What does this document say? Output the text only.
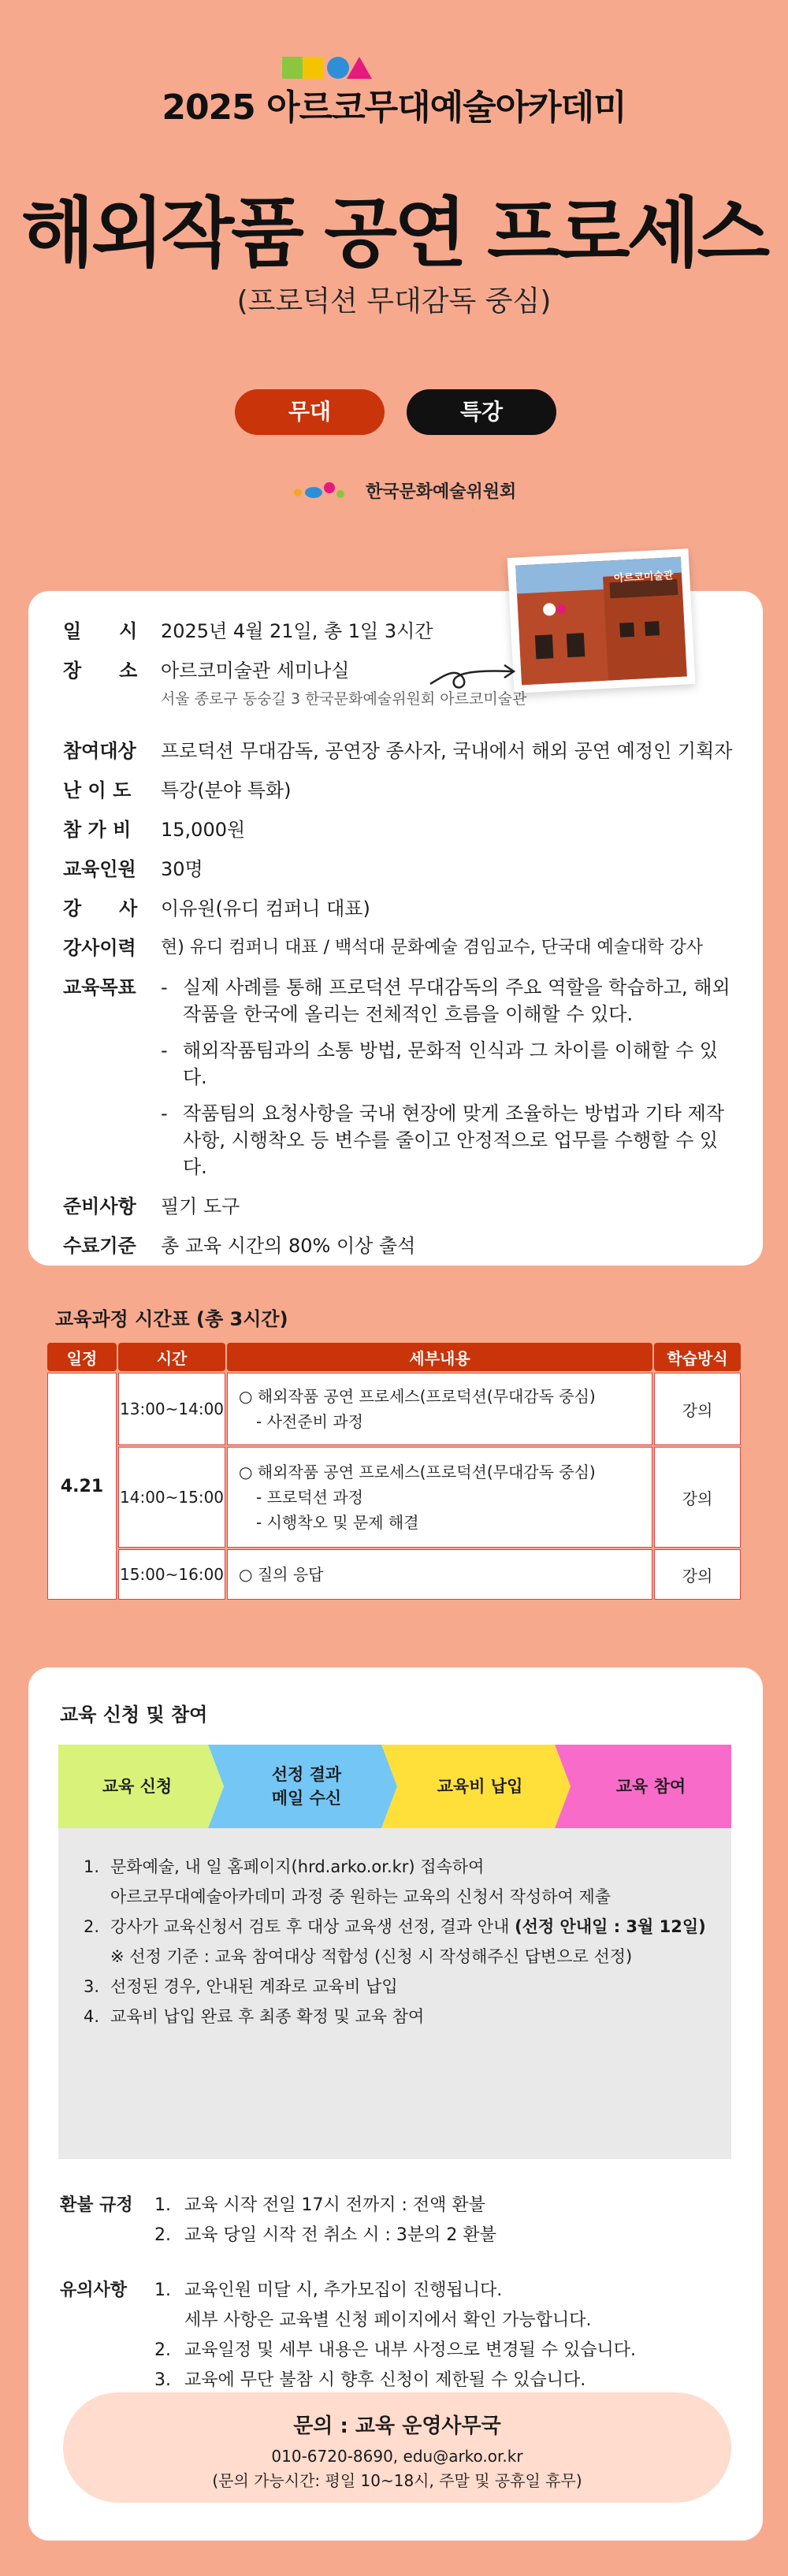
2025 아르코무대예술아카데미
해외작품 공연 프로세스
(프로덕션 무대감독 중심)
무대	특강
한국문화예술위원회
아르코미술관
일　　시	2025년 4월 21일, 총 1일 3시간
장　　소	아르코미술관 세미나실
서울 종로구 동숭길 3 한국문화예술위원회 아르코미술관
참여대상	프로덕션 무대감독, 공연장 종사자, 국내에서 해외 공연 예정인 기획자
난 이 도	특강(분야 특화)
참 가 비	15,000원
교육인원	30명
강　　사	이유원(유디 컴퍼니 대표)
강사이력	현) 유디 컴퍼니 대표 / 백석대 문화예술 겸임교수, 단국대 예술대학 강사
교육목표	- 실제 사례를 통해 프로덕션 무대감독의 주요 역할을 학습하고, 해외작품을 한국에 올리는 전체적인 흐름을 이해할 수 있다.
- 해외작품팀과의 소통 방법, 문화적 인식과 그 차이를 이해할 수 있다.
- 작품팀의 요청사항을 국내 현장에 맞게 조율하는 방법과 기타 제작사항, 시행착오 등 변수를 줄이고 안정적으로 업무를 수행할 수 있다.
준비사항	필기 도구
수료기준	총 교육 시간의 80% 이상 출석
교육과정 시간표 (총 3시간)
일정	시간	세부내용	학습방식
4.21	13:00~14:00	○ 해외작품 공연 프로세스(프로덕션(무대감독 중심)
- 사전준비 과정	강의
	14:00~15:00	○ 해외작품 공연 프로세스(프로덕션(무대감독 중심)
- 프로덕션 과정
- 시행착오 및 문제 해결	강의
	15:00~16:00	○ 질의 응답	강의
교육 신청 및 참여
교육 신청
선정 결과
메일 수신
교육비 납입	교육 참여
1. 문화예술, 내 일 홈페이지(hrd.arko.or.kr) 접속하여
아르코무대예술아카데미 과정 중 원하는 교육의 신청서 작성하여 제출
2. 강사가 교육신청서 검토 후 대상 교육생 선정, 결과 안내 (선정 안내일 : 3월 12일)
※ 선정 기준 : 교육 참여대상 적합성 (신청 시 작성해주신 답변으로 선정)
3. 선정된 경우, 안내된 계좌로 교육비 납입
4. 교육비 납입 완료 후 최종 확정 및 교육 참여
환불 규정	1. 교육 시작 전일 17시 전까지 : 전액 환불
2. 교육 당일 시작 전 취소 시 : 3분의 2 환불
유의사항	1. 교육인원 미달 시, 추가모집이 진행됩니다.
세부 사항은 교육별 신청 페이지에서 확인 가능합니다.
2. 교육일정 및 세부 내용은 내부 사정으로 변경될 수 있습니다.
3. 교육에 무단 불참 시 향후 신청이 제한될 수 있습니다.
문의 : 교육 운영사무국
010-6720-8690, edu@arko.or.kr
(문의 가능시간: 평일 10~18시, 주말 및 공휴일 휴무)
